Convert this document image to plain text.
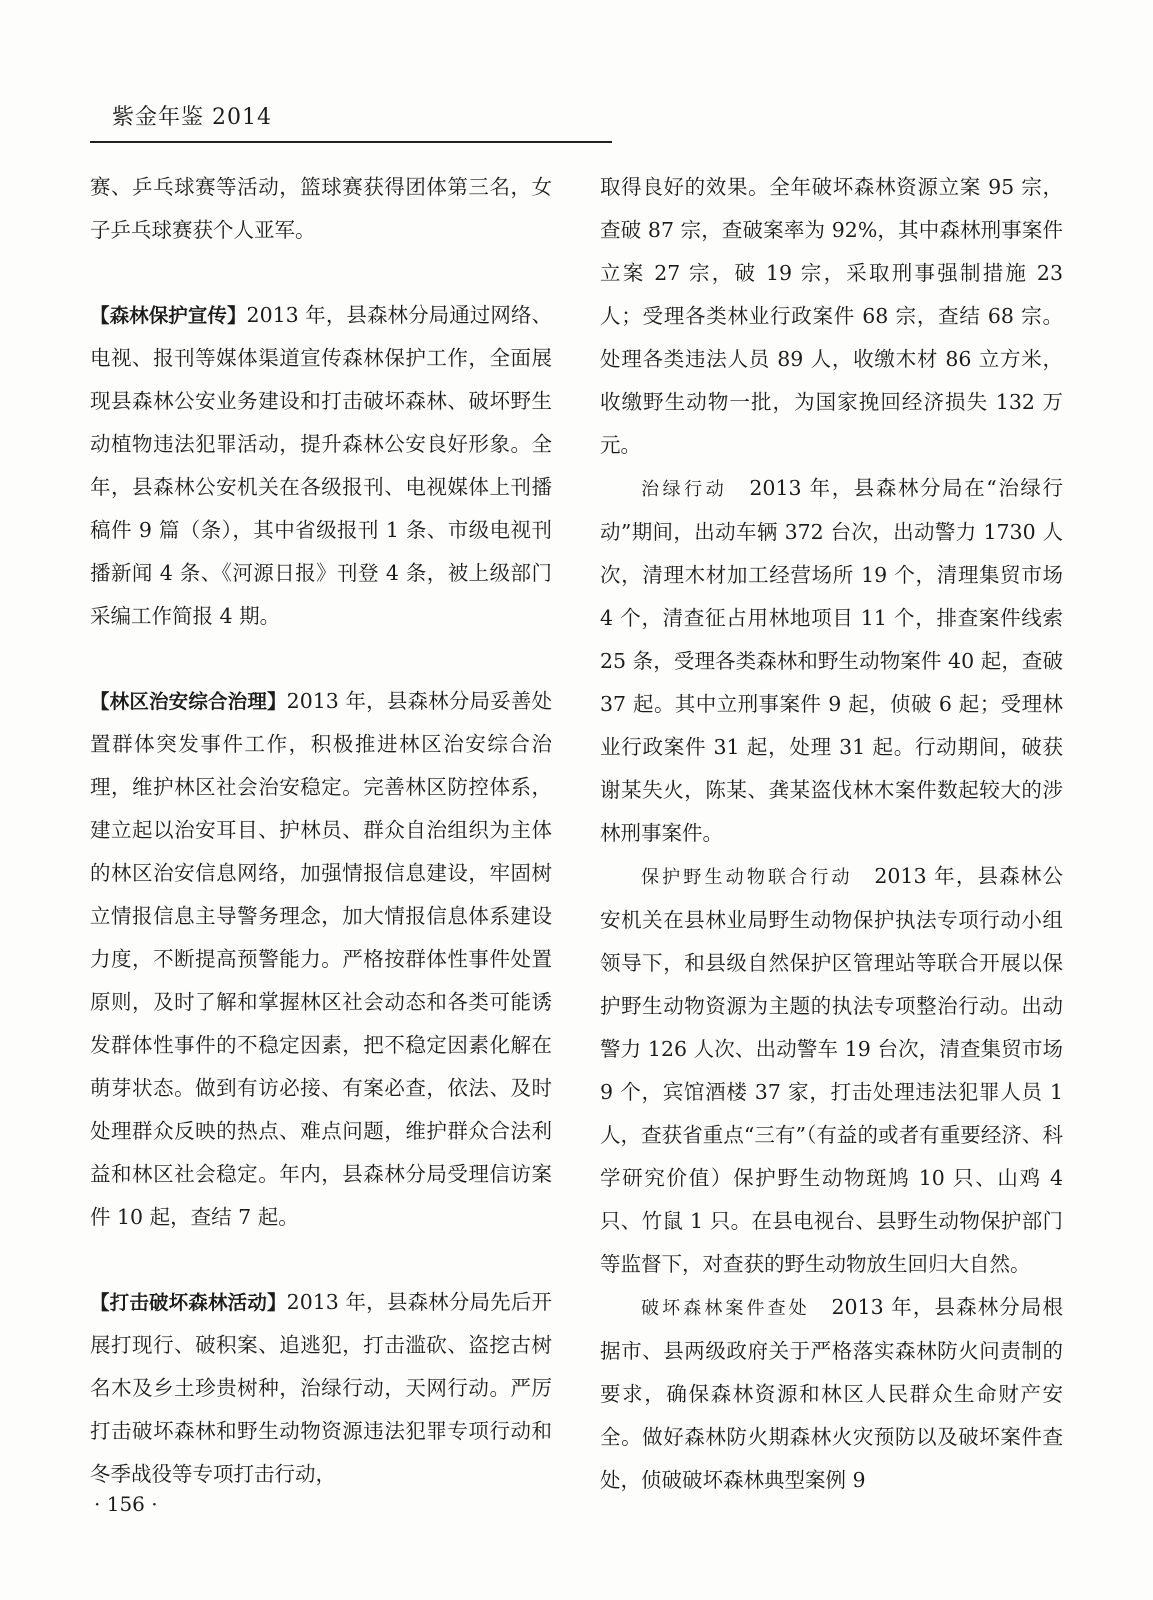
紫金年鉴 2014

赛、乒乓球赛等活动，篮球赛获得团体第三名，女子乒乓球赛获个人亚军。

【森林保护宣传】2013 年，县森林分局通过网络、电视、报刊等媒体渠道宣传森林保护工作，全面展现县森林公安业务建设和打击破坏森林、破坏野生动植物违法犯罪活动，提升森林公安良好形象。全年，县森林公安机关在各级报刊、电视媒体上刊播稿件 9 篇（条），其中省级报刊 1 条、市级电视刊播新闻 4 条、《河源日报》刊登 4 条，被上级部门采编工作简报 4 期。

【林区治安综合治理】2013 年，县森林分局妥善处置群体突发事件工作，积极推进林区治安综合治理，维护林区社会治安稳定。完善林区防控体系，建立起以治安耳目、护林员、群众自治组织为主体的林区治安信息网络，加强情报信息建设，牢固树立情报信息主导警务理念，加大情报信息体系建设力度，不断提高预警能力。严格按群体性事件处置原则，及时了解和掌握林区社会动态和各类可能诱发群体性事件的不稳定因素，把不稳定因素化解在萌芽状态。做到有访必接、有案必查，依法、及时处理群众反映的热点、难点问题，维护群众合法利益和林区社会稳定。年内，县森林分局受理信访案件 10 起，查结 7 起。

【打击破坏森林活动】2013 年，县森林分局先后开展打现行、破积案、追逃犯，打击滥砍、盗挖古树名木及乡土珍贵树种，治绿行动，天网行动。严厉打击破坏森林和野生动物资源违法犯罪专项行动和冬季战役等专项打击行动，

取得良好的效果。全年破坏森林资源立案 95 宗，查破 87 宗，查破案率为 92%，其中森林刑事案件立案 27 宗，破 19 宗，采取刑事强制措施 23 人；受理各类林业行政案件 68 宗，查结 68 宗。处理各类违法人员 89 人，收缴木材 86 立方米，收缴野生动物一批，为国家挽回经济损失 132 万元。

治绿行动　 2013 年，县森林分局在“治绿行动”期间，出动车辆 372 台次，出动警力 1730 人次，清理木材加工经营场所 19 个，清理集贸市场 4 个，清查征占用林地项目 11 个，排查案件线索 25 条，受理各类森林和野生动物案件 40 起，查破 37 起。其中立刑事案件 9 起，侦破 6 起；受理林业行政案件 31 起，处理 31 起。行动期间，破获谢某失火，陈某、龚某盗伐林木案件数起较大的涉林刑事案件。

保护野生动物联合行动　 2013 年，县森林公安机关在县林业局野生动物保护执法专项行动小组领导下，和县级自然保护区管理站等联合开展以保护野生动物资源为主题的执法专项整治行动。出动警力 126 人次、出动警车 19 台次，清查集贸市场 9 个，宾馆酒楼 37 家，打击处理违法犯罪人员 1 人，查获省重点“三有”（有益的或者有重要经济、科学研究价值）保护野生动物斑鸠 10 只、山鸡 4 只、竹鼠 1 只。在县电视台、县野生动物保护部门等监督下，对查获的野生动物放生回归大自然。

破坏森林案件查处　 2013 年，县森林分局根据市、县两级政府关于严格落实森林防火问责制的要求，确保森林资源和林区人民群众生命财产安全。做好森林防火期森林火灾预防以及破坏案件查处，侦破破坏森林典型案例 9

· 156 ·
